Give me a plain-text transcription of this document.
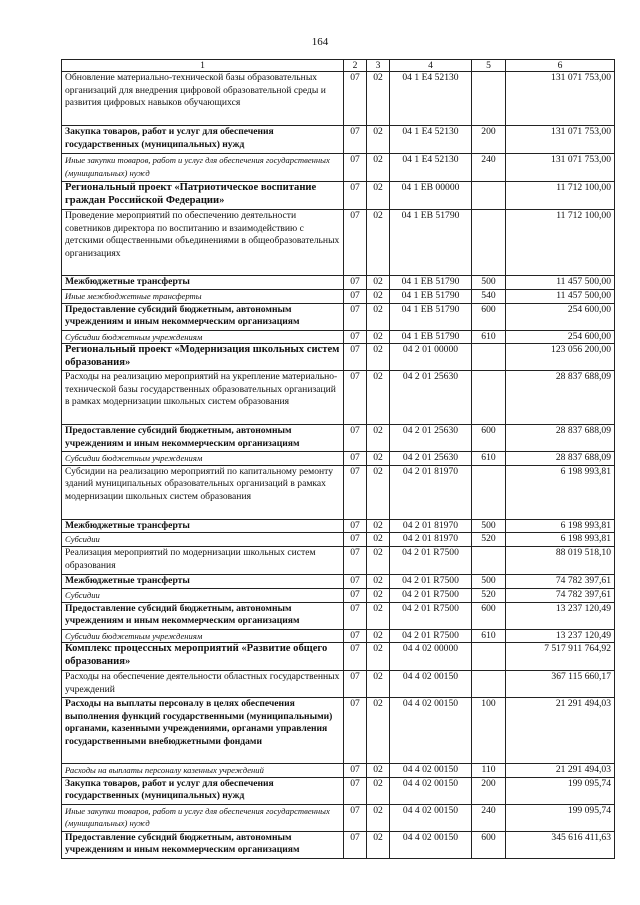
164
1	2	3	4	5	6
Обновление материально-технической базы образовательных организаций для внедрения цифровой образовательной среды и развития цифровых навыков обучающихся	07	02	04 1 E4 52130		131 071 753,00
Закупка товаров, работ и услуг для обеспечения государственных (муниципальных) нужд	07	02	04 1 E4 52130	200	131 071 753,00
Иные закупки товаров, работ и услуг для обеспечения государственных (муниципальных) нужд	07	02	04 1 E4 52130	240	131 071 753,00
Региональный проект «Патриотическое воспитание граждан Российской Федерации»	07	02	04 1 EB 00000		11 712 100,00
Проведение мероприятий по обеспечению деятельности советников директора по воспитанию и взаимодействию с детскими общественными объединениями в общеобразовательных организациях	07	02	04 1 EB 51790		11 712 100,00
Межбюджетные трансферты	07	02	04 1 EB 51790	500	11 457 500,00
Иные межбюджетные трансферты	07	02	04 1 EB 51790	540	11 457 500,00
Предоставление субсидий бюджетным, автономным учреждениям и иным некоммерческим организациям	07	02	04 1 EB 51790	600	254 600,00
Субсидии бюджетным учреждениям	07	02	04 1 EB 51790	610	254 600,00
Региональный проект «Модернизация школьных систем образования»	07	02	04 2 01 00000		123 056 200,00
Расходы на реализацию мероприятий на укрепление материально-технической базы государственных образовательных организаций в рамках модернизации школьных систем образования	07	02	04 2 01 25630		28 837 688,09
Предоставление субсидий бюджетным, автономным учреждениям и иным некоммерческим организациям	07	02	04 2 01 25630	600	28 837 688,09
Субсидии бюджетным учреждениям	07	02	04 2 01 25630	610	28 837 688,09
Субсидии на реализацию мероприятий по капитальному ремонту зданий муниципальных образовательных организаций в рамках модернизации школьных систем образования	07	02	04 2 01 81970		6 198 993,81
Межбюджетные трансферты	07	02	04 2 01 81970	500	6 198 993,81
Субсидии	07	02	04 2 01 81970	520	6 198 993,81
Реализация мероприятий по модернизации школьных систем образования	07	02	04 2 01 R7500		88 019 518,10
Межбюджетные трансферты	07	02	04 2 01 R7500	500	74 782 397,61
Субсидии	07	02	04 2 01 R7500	520	74 782 397,61
Предоставление субсидий бюджетным, автономным учреждениям и иным некоммерческим организациям	07	02	04 2 01 R7500	600	13 237 120,49
Субсидии бюджетным учреждениям	07	02	04 2 01 R7500	610	13 237 120,49
Комплекс процессных мероприятий «Развитие общего образования»	07	02	04 4 02 00000		7 517 911 764,92
Расходы на обеспечение деятельности областных государственных учреждений	07	02	04 4 02 00150		367 115 660,17
Расходы на выплаты персоналу в целях обеспечения выполнения функций государственными (муниципальными) органами, казенными учреждениями, органами управления государственными внебюджетными фондами	07	02	04 4 02 00150	100	21 291 494,03
Расходы на выплаты персоналу казенных учреждений	07	02	04 4 02 00150	110	21 291 494,03
Закупка товаров, работ и услуг для обеспечения государственных (муниципальных) нужд	07	02	04 4 02 00150	200	199 095,74
Иные закупки товаров, работ и услуг для обеспечения государственных (муниципальных) нужд	07	02	04 4 02 00150	240	199 095,74
Предоставление субсидий бюджетным, автономным учреждениям и иным некоммерческим организациям	07	02	04 4 02 00150	600	345 616 411,63
